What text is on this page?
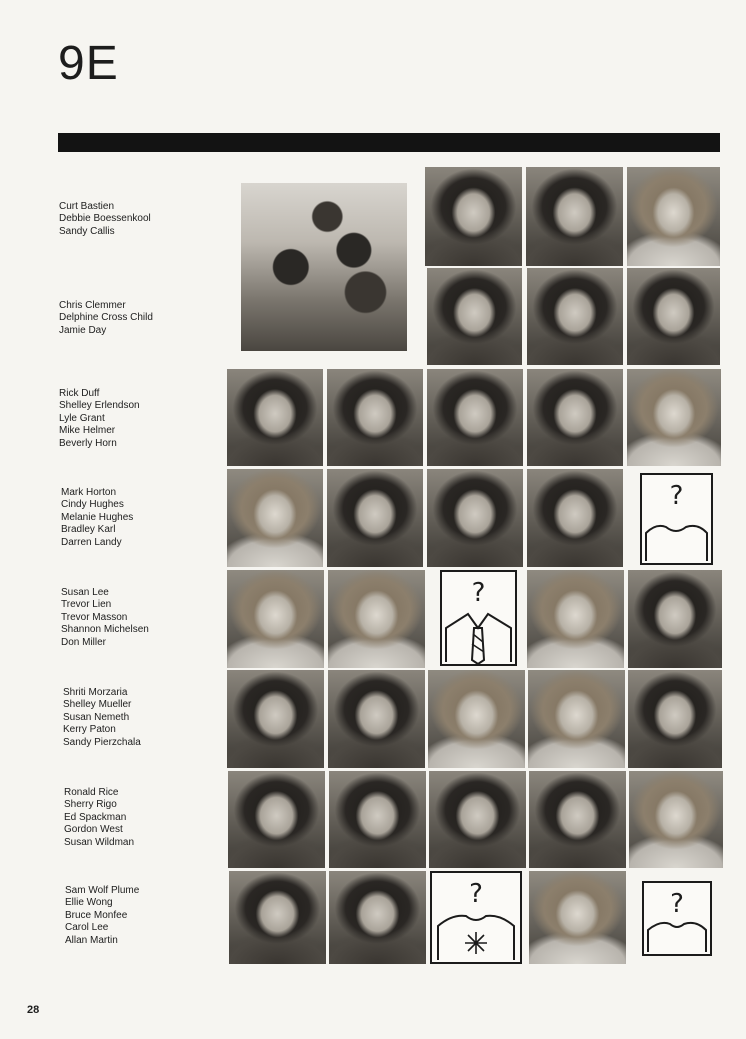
9E
Curt Bastien
Debbie Boessenkool
Sandy Callis
Chris Clemmer
Delphine Cross Child
Jamie Day
Rick Duff
Shelley Erlendson
Lyle Grant
Mike Helmer
Beverly Horn
Mark Horton
Cindy Hughes
Melanie Hughes
Bradley Karl
Darren Landy
Susan Lee
Trevor Lien
Trevor Masson
Shannon Michelsen
Don Miller
Shriti Morzaria
Shelley Mueller
Susan Nemeth
Kerry Paton
Sandy Pierzchala
Ronald Rice
Sherry Rigo
Ed Spackman
Gordon West
Susan Wildman
Sam Wolf Plume
Ellie Wong
Bruce Monfee
Carol Lee
Allan Martin
?
?
?	?
28
